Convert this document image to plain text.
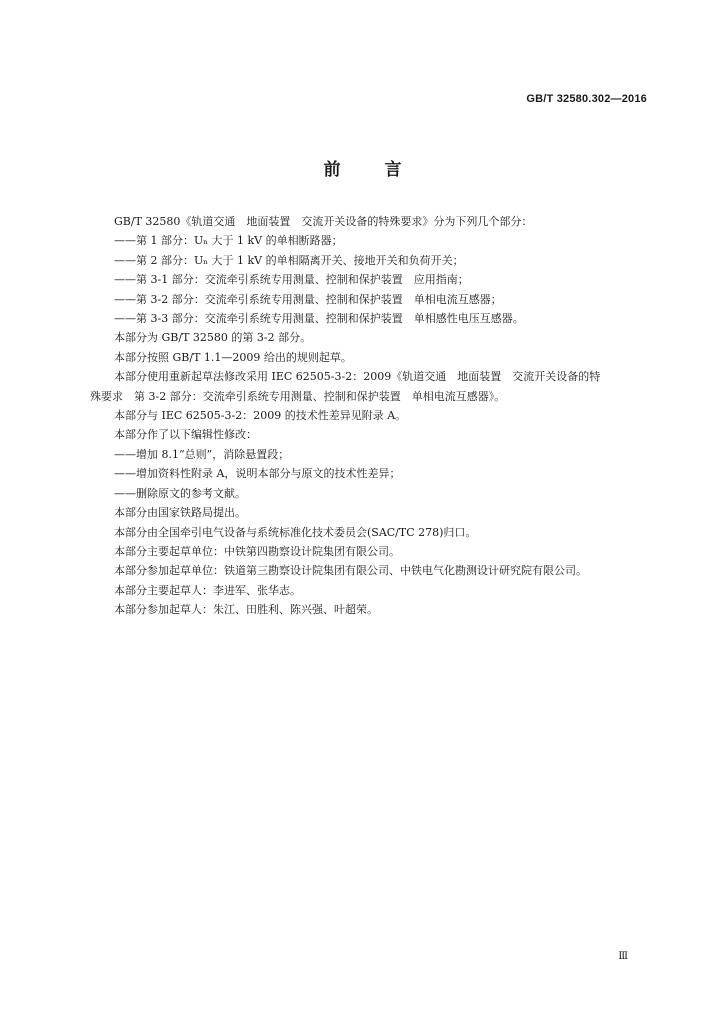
GB/T 32580.302—2016
前	言
GB/T 32580《轨道交通　地面装置　交流开关设备的特殊要求》分为下列几个部分：
——第 1 部分：Uₙ 大于 1 kV 的单相断路器；
——第 2 部分：Uₙ 大于 1 kV 的单相隔离开关、接地开关和负荷开关；
——第 3-1 部分：交流牵引系统专用测量、控制和保护装置　应用指南；
——第 3-2 部分：交流牵引系统专用测量、控制和保护装置　单相电流互感器；
——第 3-3 部分：交流牵引系统专用测量、控制和保护装置　单相感性电压互感器。
本部分为 GB/T 32580 的第 3-2 部分。
本部分按照 GB/T 1.1—2009 给出的规则起草。
本部分使用重新起草法修改采用 IEC 62505-3-2：2009《轨道交通　地面装置　交流开关设备的特
殊要求　第 3-2 部分：交流牵引系统专用测量、控制和保护装置　单相电流互感器》。
本部分与 IEC 62505-3-2：2009 的技术性差异见附录 A。
本部分作了以下编辑性修改：
——增加 8.1“总则”，消除悬置段；
——增加资料性附录 A，说明本部分与原文的技术性差异；
——删除原文的参考文献。
本部分由国家铁路局提出。
本部分由全国牵引电气设备与系统标准化技术委员会(SAC/TC 278)归口。
本部分主要起草单位：中铁第四勘察设计院集团有限公司。
本部分参加起草单位：铁道第三勘察设计院集团有限公司、中铁电气化勘测设计研究院有限公司。
本部分主要起草人：李进军、张华志。
本部分参加起草人：朱江、田胜利、陈兴强、叶超荣。
Ⅲ
